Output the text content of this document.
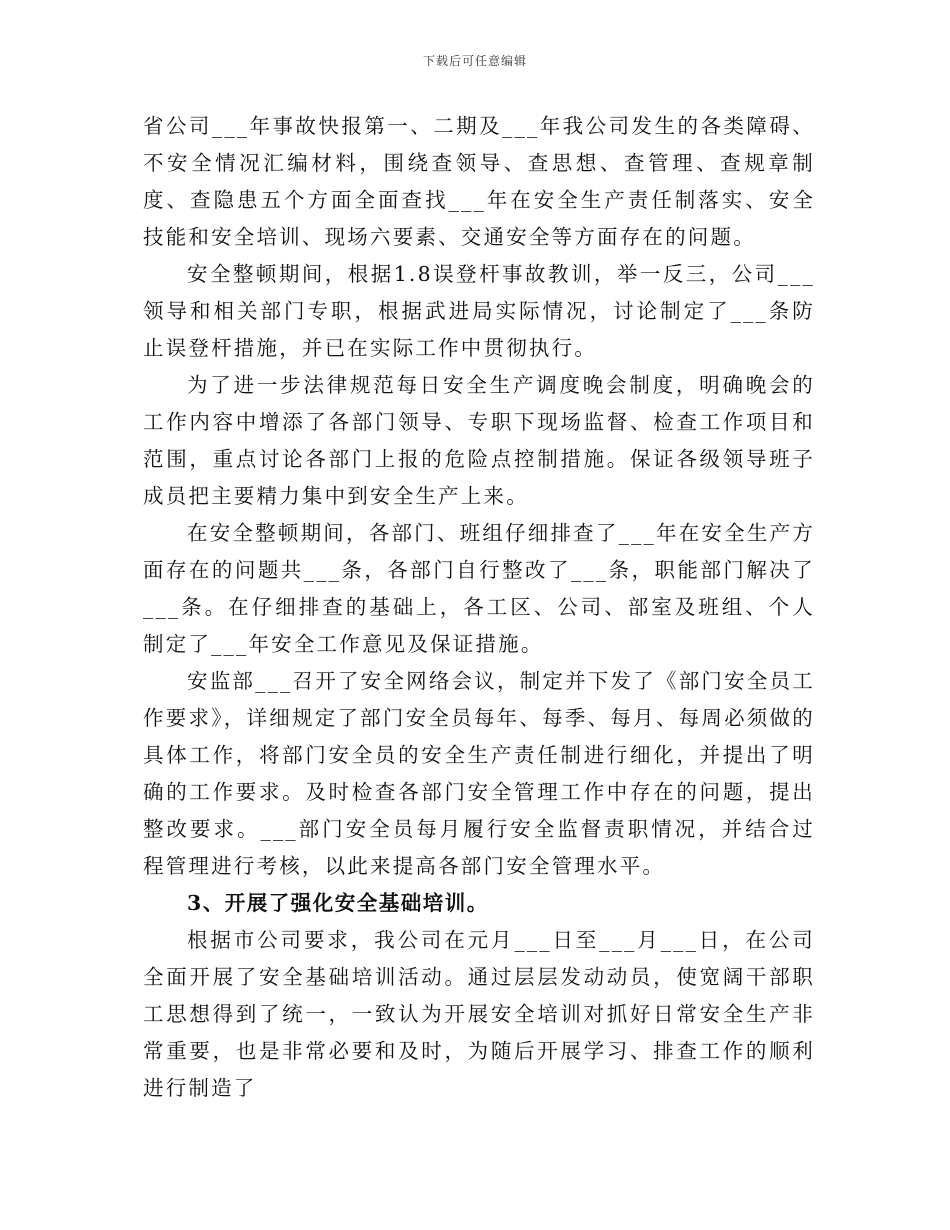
下载后可任意编辑

省公司___年事故快报第一、二期及___年我公司发生的各类障碍、不安全情况汇编材料，围绕查领导、查思想、查管理、查规章制度、查隐患五个方面全面查找___年在安全生产责任制落实、安全技能和安全培训、现场六要素、交通安全等方面存在的问题。

安全整顿期间，根据1.8误登杆事故教训，举一反三，公司___领导和相关部门专职，根据武进局实际情况，讨论制定了___条防止误登杆措施，并已在实际工作中贯彻执行。

为了进一步法律规范每日安全生产调度晚会制度，明确晚会的工作内容中增添了各部门领导、专职下现场监督、检查工作项目和范围，重点讨论各部门上报的危险点控制措施。保证各级领导班子成员把主要精力集中到安全生产上来。

在安全整顿期间，各部门、班组仔细排查了___年在安全生产方面存在的问题共___条，各部门自行整改了___条，职能部门解决了___条。在仔细排查的基础上，各工区、公司、部室及班组、个人制定了___年安全工作意见及保证措施。

安监部___召开了安全网络会议，制定并下发了《部门安全员工作要求》，详细规定了部门安全员每年、每季、每月、每周必须做的具体工作，将部门安全员的安全生产责任制进行细化，并提出了明确的工作要求。及时检查各部门安全管理工作中存在的问题，提出整改要求。___部门安全员每月履行安全监督责职情况，并结合过程管理进行考核，以此来提高各部门安全管理水平。

3、开展了强化安全基础培训。

根据市公司要求，我公司在元月___日至___月___日，在公司全面开展了安全基础培训活动。通过层层发动动员，使宽阔干部职工思想得到了统一，一致认为开展安全培训对抓好日常安全生产非常重要，也是非常必要和及时，为随后开展学习、排查工作的顺利进行制造了
